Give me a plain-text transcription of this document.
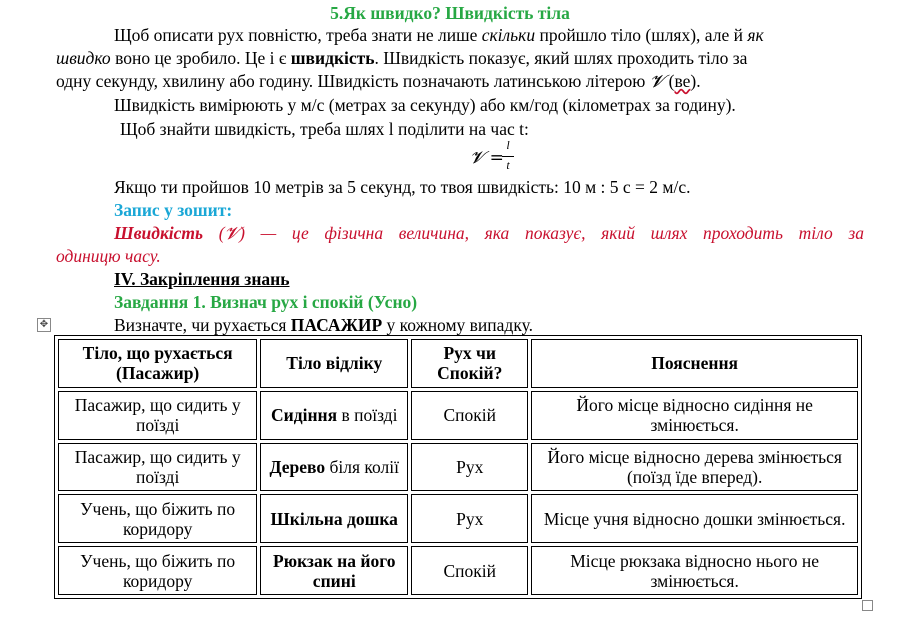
5.Як швидко? Швидкість тіла
Щоб описати рух повністю, треба знати не лише скільки пройшло тіло (шлях), але й як
швидко воно це зробило. Це і є швидкість. Швидкість показує, який шлях проходить тіло за
одну секунду, хвилину або годину. Швидкість позначають латинською літерою 𝓥 (ве).
Швидкість вимірюють у м/с (метрах за секунду) або км/год (кілометрах за годину).
Щоб знайти швидкість, треба шлях l поділити на час t:
𝓥 =
l
t
Якщо ти пройшов 10 метрів за 5 секунд, то твоя швидкість: 10 м : 5 с = 2 м/с.
Запис у зошит:
Швидкість (𝓥) — це фізична величина, яка показує, який шлях проходить тіло за
одиницю часу.
IV. Закріплення знань
Завдання 1. Визнач рух і спокій (Усно)
✥	Визначте, чи рухається ПАСАЖИР у кожному випадку.
Тіло, що рухається (Пасажир)	Тіло відліку	Рух чи Спокій?	Пояснення
Пасажир, що сидить у поїзді	Сидіння в поїзді	Спокій	Його місце відносно сидіння не змінюється.
Пасажир, що сидить у поїзді	Дерево біля колії	Рух	Його місце відносно дерева змінюється (поїзд їде вперед).
Учень, що біжить по коридору	Шкільна дошка	Рух	Місце учня відносно дошки змінюється.
Учень, що біжить по коридору	Рюкзак на його спині	Спокій	Місце рюкзака відносно нього не змінюється.
